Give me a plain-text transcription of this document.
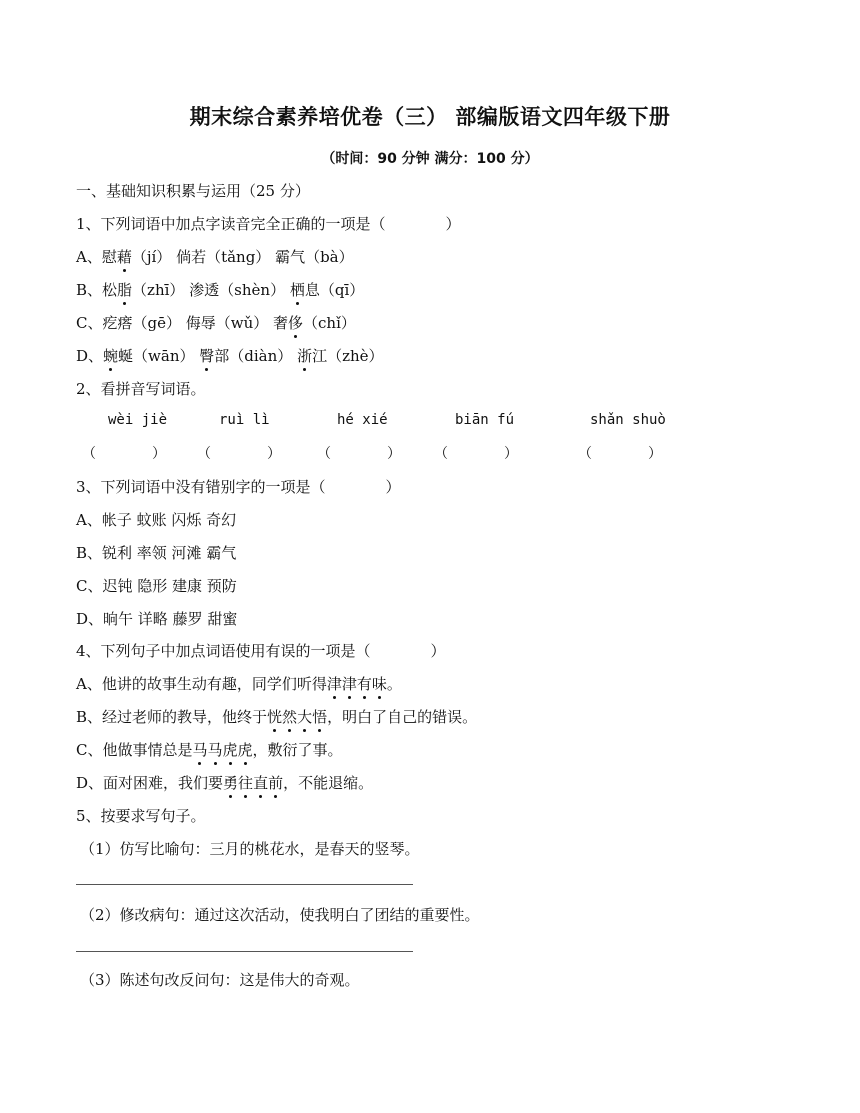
期末综合素养培优卷（三） 部编版语文四年级下册
（时间：90 分钟 满分：100 分）
一、基础知识积累与运用（25 分）
1、下列词语中加点字读音完全正确的一项是（　　　　）
A、慰藉（jí） 倘若（tǎng） 霸气（bà）
B、松脂（zhī） 渗透（shèn） 栖息（qī）
C、疙瘩（gē） 侮辱（wǔ） 奢侈（chǐ）
D、蜿蜒（wān） 臀部（diàn） 浙江（zhè）
2、看拼音写词语。
wèi jiè	ruì lì	hé xié	biān fú	shǎn shuò
（　　　　） （　　　　）	（　　　　） （　　　　）	（　　　　）
3、下列词语中没有错别字的一项是（　　　　）
A、帐子 蚊账 闪烁 奇幻
B、锐利 率领 河滩 霸气
C、迟钝 隐形 建康 预防
D、晌午 详略 藤罗 甜蜜
4、下列句子中加点词语使用有误的一项是（　　　　）
A、他讲的故事生动有趣，同学们听得津津有味。
B、经过老师的教导，他终于恍然大悟，明白了自己的错误。
C、他做事情总是马马虎虎，敷衍了事。
D、面对困难，我们要勇往直前，不能退缩。
5、按要求写句子。
（1）仿写比喻句：三月的桃花水，是春天的竖琴。
（2）修改病句：通过这次活动，使我明白了团结的重要性。
（3）陈述句改反问句：这是伟大的奇观。
